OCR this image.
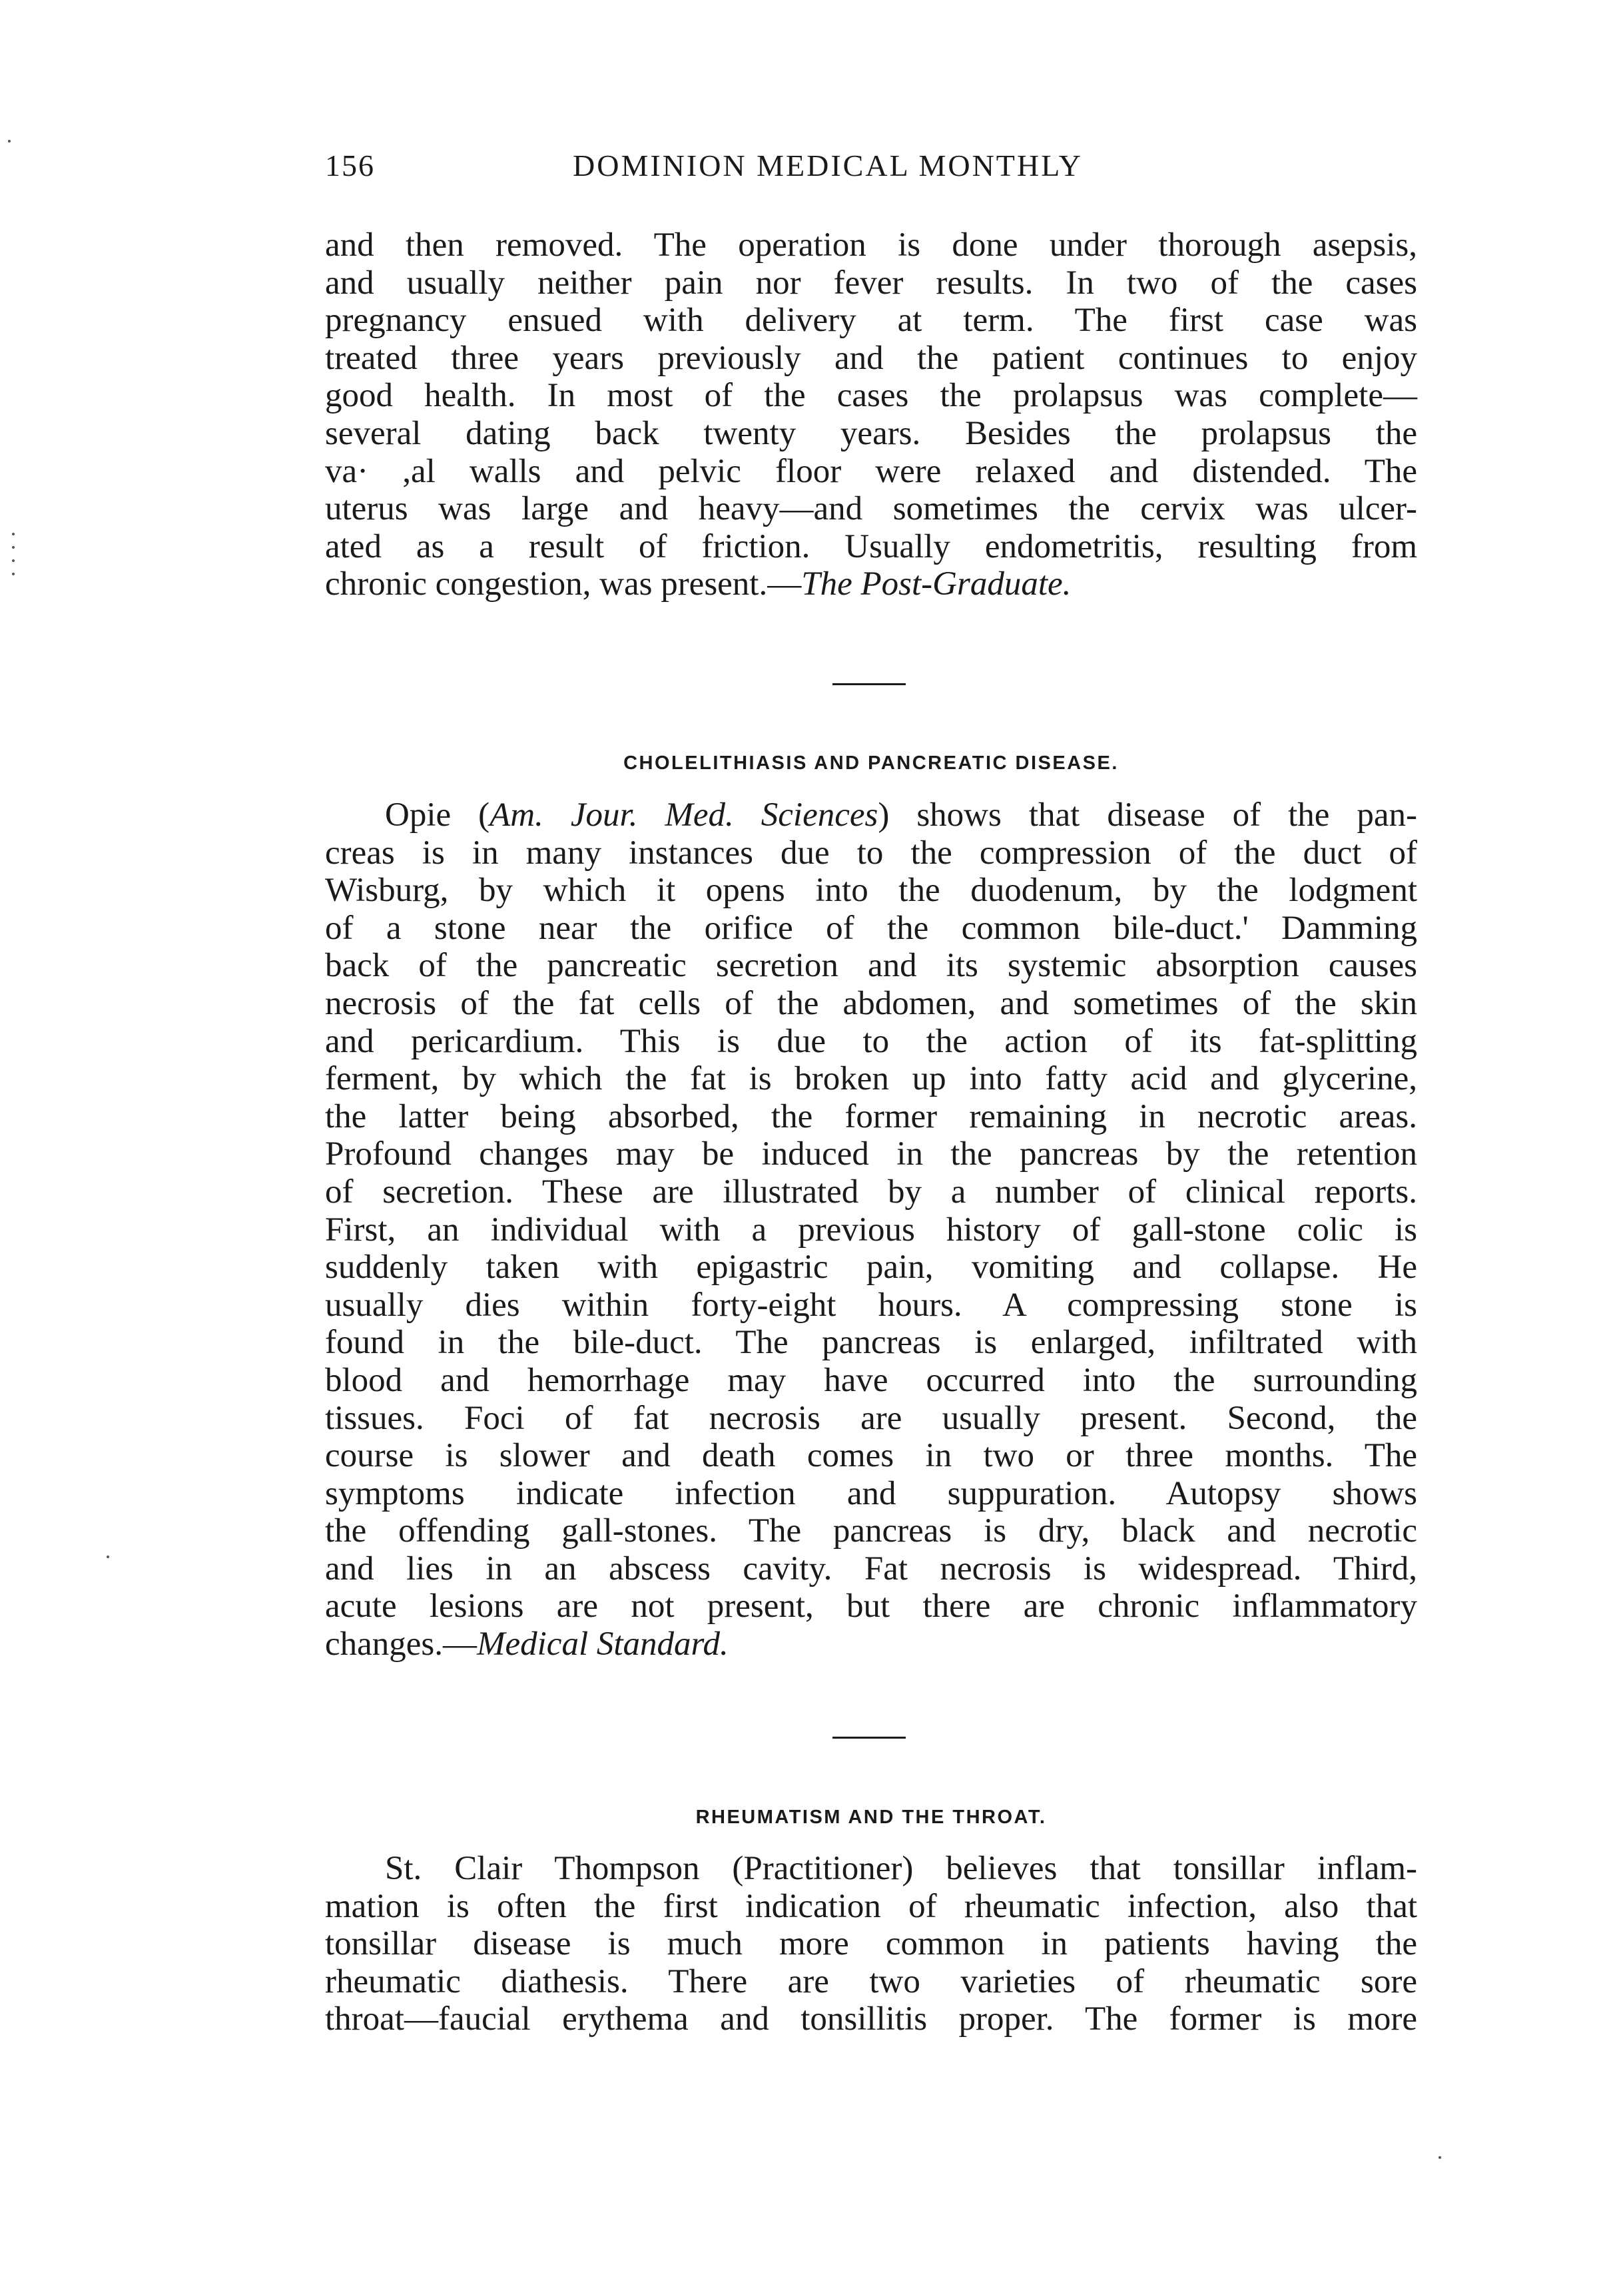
156	DOMINION MEDICAL MONTHLY
and then removed. The operation is done under thorough asepsis,
and usually neither pain nor fever results. In two of the cases
pregnancy ensued with delivery at term. The first case was
treated three years previously and the patient continues to enjoy
good health. In most of the cases the prolapsus was complete—
several dating back twenty years. Besides the prolapsus the
va· ,al walls and pelvic floor were relaxed and distended. The
uterus was large and heavy—and sometimes the cervix was ulcer-
ated as a result of friction. Usually endometritis, resulting from
chronic congestion, was present.—The Post-Graduate.
CHOLELITHIASIS AND PANCREATIC DISEASE.
Opie (Am. Jour. Med. Sciences) shows that disease of the pan-
creas is in many instances due to the compression of the duct of
Wisburg, by which it opens into the duodenum, by the lodgment
of a stone near the orifice of the common bile-duct.' Damming
back of the pancreatic secretion and its systemic absorption causes
necrosis of the fat cells of the abdomen, and sometimes of the skin
and pericardium. This is due to the action of its fat-splitting
ferment, by which the fat is broken up into fatty acid and glycerine,
the latter being absorbed, the former remaining in necrotic areas.
Profound changes may be induced in the pancreas by the retention
of secretion. These are illustrated by a number of clinical reports.
First, an individual with a previous history of gall-stone colic is
suddenly taken with epigastric pain, vomiting and collapse. He
usually dies within forty-eight hours. A compressing stone is
found in the bile-duct. The pancreas is enlarged, infiltrated with
blood and hemorrhage may have occurred into the surrounding
tissues. Foci of fat necrosis are usually present. Second, the
course is slower and death comes in two or three months. The
symptoms indicate infection and suppuration. Autopsy shows
the offending gall-stones. The pancreas is dry, black and necrotic
and lies in an abscess cavity. Fat necrosis is widespread. Third,
acute lesions are not present, but there are chronic inflammatory
changes.—Medical Standard.
RHEUMATISM AND THE THROAT.
St. Clair Thompson (Practitioner) believes that tonsillar inflam-
mation is often the first indication of rheumatic infection, also that
tonsillar disease is much more common in patients having the
rheumatic diathesis. There are two varieties of rheumatic sore
throat—faucial erythema and tonsillitis proper. The former is more
